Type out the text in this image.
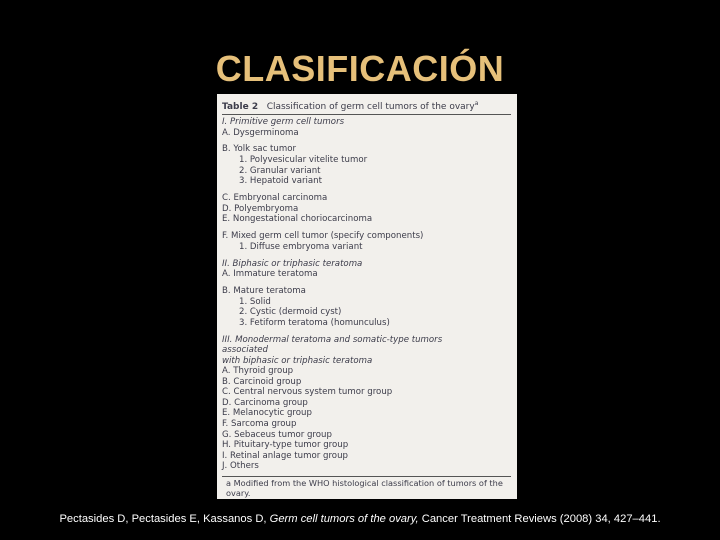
CLASIFICACIÓN
Table 2 Classification of germ cell tumors of the ovary$^a$
I. Primitive germ cell tumors
A. Dysgerminoma
B. Yolk sac tumor
1. Polyvesicular vitelite tumor
2. Granular variant
3. Hepatoid variant
C. Embryonal carcinoma
D. Polyembryoma
E. Nongestational choriocarcinoma
F. Mixed germ cell tumor (specify components)
1. Diffuse embryoma variant
II. Biphasic or triphasic teratoma
A. Immature teratoma
B. Mature teratoma
1. Solid
2. Cystic (dermoid cyst)
3. Fetiform teratoma (homunculus)
III. Monodermal teratoma and somatic-type tumors
associated
with biphasic or triphasic teratoma
A. Thyroid group
B. Carcinoid group
C. Central nervous system tumor group
D. Carcinoma group
E. Melanocytic group
F. Sarcoma group
G. Sebaceus tumor group
H. Pituitary-type tumor group
I. Retinal anlage tumor group
J. Others
a Modified from the WHO histological classification of tumors of the ovary.
Pectasides D, Pectasides E, Kassanos D, Germ cell tumors of the ovary, Cancer Treatment Reviews (2008) 34, 427–441.
